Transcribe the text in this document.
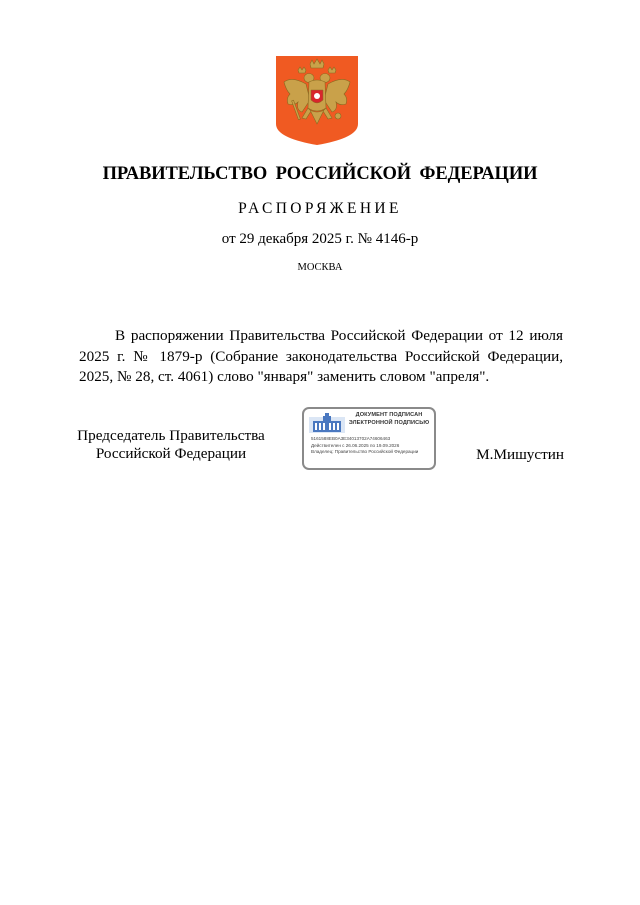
ПРАВИТЕЛЬСТВО РОССИЙСКОЙ ФЕДЕРАЦИИ
РАСПОРЯЖЕНИЕ
от 29 декабря 2025 г. № 4146-р
МОСКВА

В распоряжении Правительства Российской Федерации от 12 июля 2025 г. № 1879-р (Собрание законодательства Российской Федерации, 2025, № 28, ст. 4061) слово "января" заменить словом "апреля".

Председатель Правительства
Российской Федерации
ДОКУМЕНТ ПОДПИСАН
ЭЛЕКТРОННОЙ ПОДПИСЬЮ
5161588EB0A3E34013702A74606463
Действителен с 26.06.2025 по 19.09.2026
Владелец: Правительство Российской Федерации	М.Мишустин
